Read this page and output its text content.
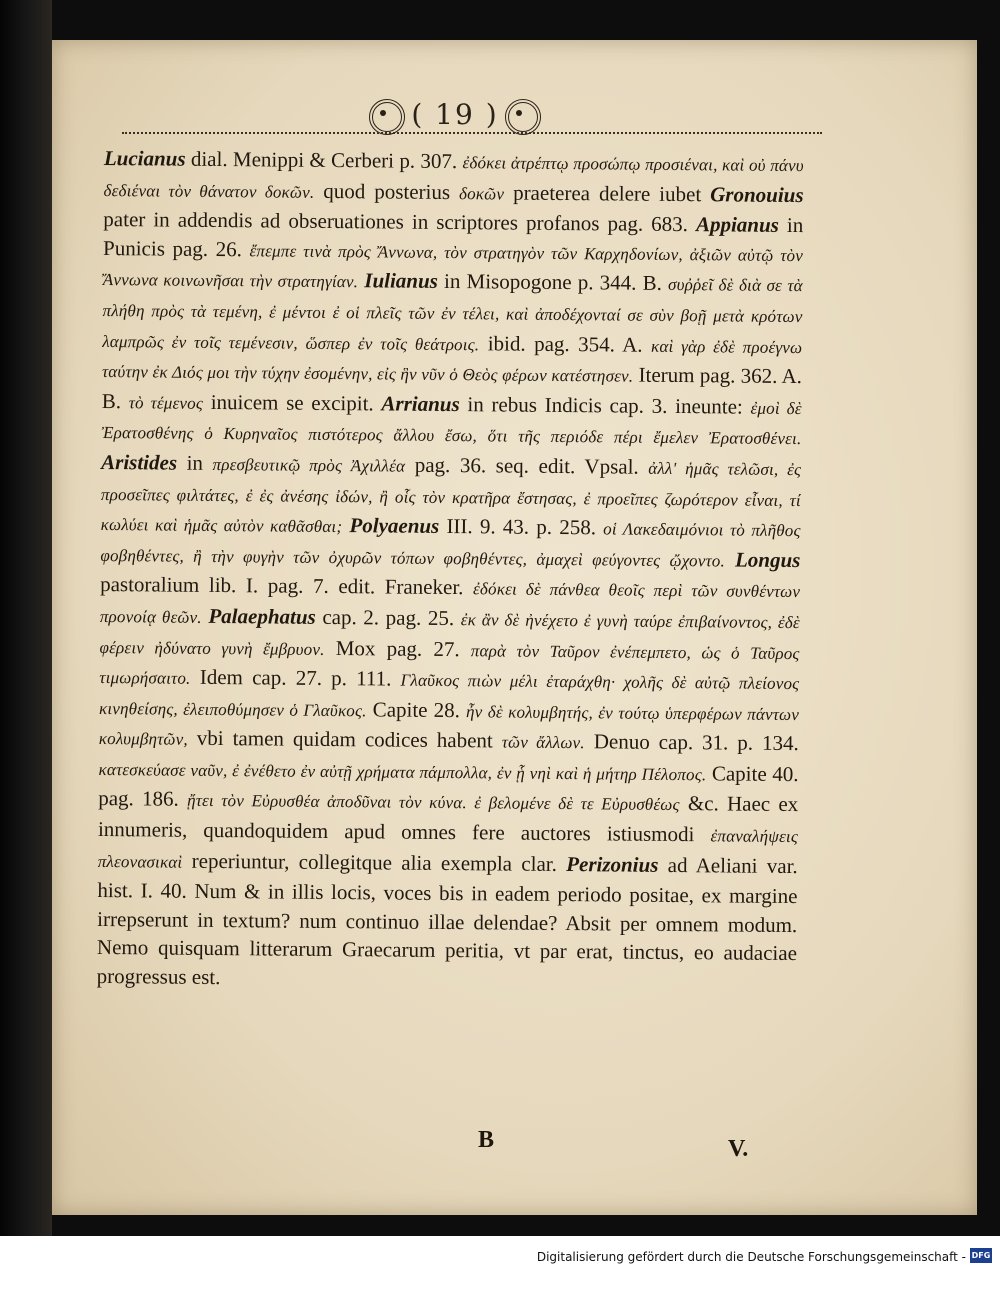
( 19 )
Lucianus dial. Menippi & Cerberi p. 307. ἐδόκει ἀτρέπτῳ προσώπῳ προσιέναι, καὶ οὐ πάνυ δεδιέναι τὸν θάνατον δοκῶν. quod posterius δοκῶν praeterea delere iubet Gronouius pater in addendis ad obseruationes in scriptores profanos pag. 683. Appianus in Punicis pag. 26. ἔπεμπε τινὰ πρὸς Ἄννωνα, τὸν στρατηγὸν τῶν Καρχηδονίων, ἀξιῶν αὐτῷ τὸν Ἄννωνα κοινωνῆσαι τὴν στρατηγίαν. Iulianus in Misopogone p. 344. B. συῤῥεῖ δὲ διὰ σε τὰ πλήθη πρὸς τὰ τεμένη, ἐ μέντοι ἐ οἱ πλεῖς τῶν ἐν τέλει, καὶ ἀποδέχονταί σε σὺν βοῇ μετὰ κρότων λαμπρῶς ἐν τοῖς τεμένεσιν, ὥσπερ ἐν τοῖς θεάτροις. ibid. pag. 354. A. καὶ γὰρ ἐδὲ προέγνω ταύτην ἐκ Διός μοι τὴν τύχην ἐσομένην, εἰς ἣν νῦν ὁ Θεὸς φέρων κατέστησεν. Iterum pag. 362. A. B. τὸ τέμενος inuicem se excipit. Arrianus in rebus Indicis cap. 3. ineunte: ἐμοὶ δὲ Ἐρατοσθένης ὁ Κυρηναῖος πιστότερος ἄλλου ἔσω, ὅτι τῆς περιόδε πέρι ἔμελεν Ἐρατοσθένει. Aristides in πρεσβευτικῷ πρὸς Ἀχιλλέα pag. 36. seq. edit. Vpsal. ἀλλ' ἡμᾶς τελῶσι, ἐς προσεῖπες φιλτάτες, ἐ ἐς ἀνέσης ἰδών, ἢ οἷς τὸν κρατῆρα ἔστησας, ἐ προεῖπες ζωρότερον εἶναι, τί κωλύει καὶ ἡμᾶς αὐτὸν καθᾶσθαι; Polyaenus III. 9. 43. p. 258. οἱ Λακεδαιμόνιοι τὸ πλῆθος φοβηθέντες, ἢ τὴν φυγὴν τῶν ὀχυρῶν τόπων φοβηθέντες, ἀμαχεὶ φεύγοντες ᾤχοντο. Longus pastoralium lib. I. pag. 7. edit. Franeker. ἐδόκει δὲ πάνθεα θεοῖς περὶ τῶν συνθέντων προνοίᾳ θεῶν. Palaephatus cap. 2. pag. 25. ἐκ ἂν δὲ ἠνέχετο ἐ γυνὴ ταύρε ἐπιβαίνοντος, ἐδὲ φέρειν ἠδύνατο γυνὴ ἔμβρυον. Mox pag. 27. παρὰ τὸν Ταῦρον ἐνέπεμπετο, ὡς ὁ Ταῦρος τιμωρήσαιτο. Idem cap. 27. p. 111. Γλαῦκος πιὼν μέλι ἐταράχθη· χολῆς δὲ αὐτῷ πλείονος κινηθείσης, ἐλειποθύμησεν ὁ Γλαῦκος. Capite 28. ἦν δὲ κολυμβητής, ἐν τούτῳ ὑπερφέρων πάντων κολυμβητῶν, vbi tamen quidam codices habent τῶν ἄλλων. Denuo cap. 31. p. 134. κατεσκεύασε ναῦν, ἐ ἐνέθετο ἐν αὐτῇ χρήματα πάμπολλα, ἐν ᾗ νηὶ καὶ ἡ μήτηρ Πέλοπος. Capite 40. pag. 186. ᾔτει τὸν Εὐρυσθέα ἀποδῦναι τὸν κύνα. ἐ βελομένε δὲ τε Εὐρυσθέως &c. Haec ex innumeris, quandoquidem apud omnes fere auctores istiusmodi ἐπαναλήψεις πλεονασικαὶ reperiuntur, collegitque alia exempla clar. Perizonius ad Aeliani var. hist. I. 40. Num & in illis locis, voces bis in eadem periodo positae, ex margine irrepserunt in textum? num continuo illae delendae? Absit per omnem modum. Nemo quisquam litterarum Graecarum peritia, vt par erat, tinctus, eo audaciae progressus est.
B	V.
Digitalisierung gefördert durch die Deutsche Forschungsgemeinschaft - DFG
